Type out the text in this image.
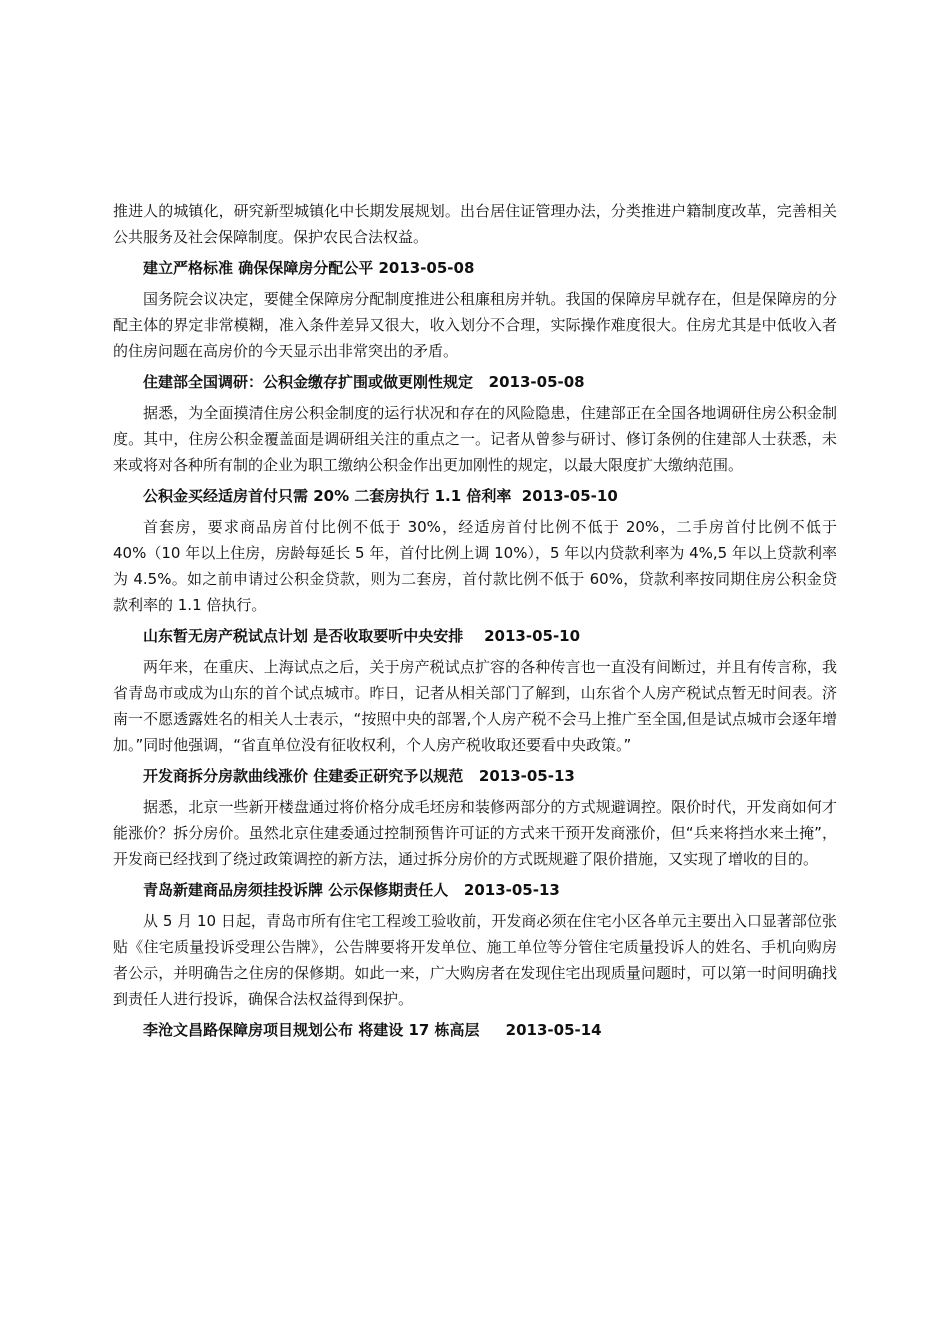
推进人的城镇化，研究新型城镇化中长期发展规划。出台居住证管理办法，分类推进户籍制度改革，完善相关公共服务及社会保障制度。保护农民合法权益。

建立严格标准 确保保障房分配公平 2013-05-08

国务院会议决定，要健全保障房分配制度推进公租廉租房并轨。我国的保障房早就存在，但是保障房的分配主体的界定非常模糊，准入条件差异又很大，收入划分不合理，实际操作难度很大。住房尤其是中低收入者的住房问题在高房价的今天显示出非常突出的矛盾。

住建部全国调研：公积金缴存扩围或做更刚性规定   2013-05-08

据悉，为全面摸清住房公积金制度的运行状况和存在的风险隐患，住建部正在全国各地调研住房公积金制度。其中，住房公积金覆盖面是调研组关注的重点之一。记者从曾参与研讨、修订条例的住建部人士获悉，未来或将对各种所有制的企业为职工缴纳公积金作出更加刚性的规定，以最大限度扩大缴纳范围。

公积金买经适房首付只需 20% 二套房执行 1.1 倍利率  2013-05-10

首套房，要求商品房首付比例不低于 30%，经适房首付比例不低于 20%，二手房首付比例不低于 40%（10 年以上住房，房龄每延长 5 年，首付比例上调 10%），5 年以内贷款利率为 4%,5 年以上贷款利率为 4.5%。如之前申请过公积金贷款，则为二套房，首付款比例不低于 60%，贷款利率按同期住房公积金贷款利率的 1.1 倍执行。

山东暂无房产税试点计划 是否收取要听中央安排    2013-05-10

两年来，在重庆、上海试点之后，关于房产税试点扩容的各种传言也一直没有间断过，并且有传言称，我省青岛市或成为山东的首个试点城市。昨日，记者从相关部门了解到，山东省个人房产税试点暂无时间表。济南一不愿透露姓名的相关人士表示，“按照中央的部署,个人房产税不会马上推广至全国,但是试点城市会逐年增加。”同时他强调，“省直单位没有征收权利，个人房产税收取还要看中央政策。”

开发商拆分房款曲线涨价 住建委正研究予以规范   2013-05-13

据悉，北京一些新开楼盘通过将价格分成毛坯房和装修两部分的方式规避调控。限价时代，开发商如何才能涨价？拆分房价。虽然北京住建委通过控制预售许可证的方式来干预开发商涨价，但“兵来将挡水来土掩”，开发商已经找到了绕过政策调控的新方法，通过拆分房价的方式既规避了限价措施，又实现了增收的目的。

青岛新建商品房须挂投诉牌 公示保修期责任人   2013-05-13

从 5 月 10 日起，青岛市所有住宅工程竣工验收前，开发商必须在住宅小区各单元主要出入口显著部位张贴《住宅质量投诉受理公告牌》，公告牌要将开发单位、施工单位等分管住宅质量投诉人的姓名、手机向购房者公示，并明确告之住房的保修期。如此一来，广大购房者在发现住宅出现质量问题时，可以第一时间明确找到责任人进行投诉，确保合法权益得到保护。

李沧文昌路保障房项目规划公布 将建设 17 栋高层     2013-05-14
